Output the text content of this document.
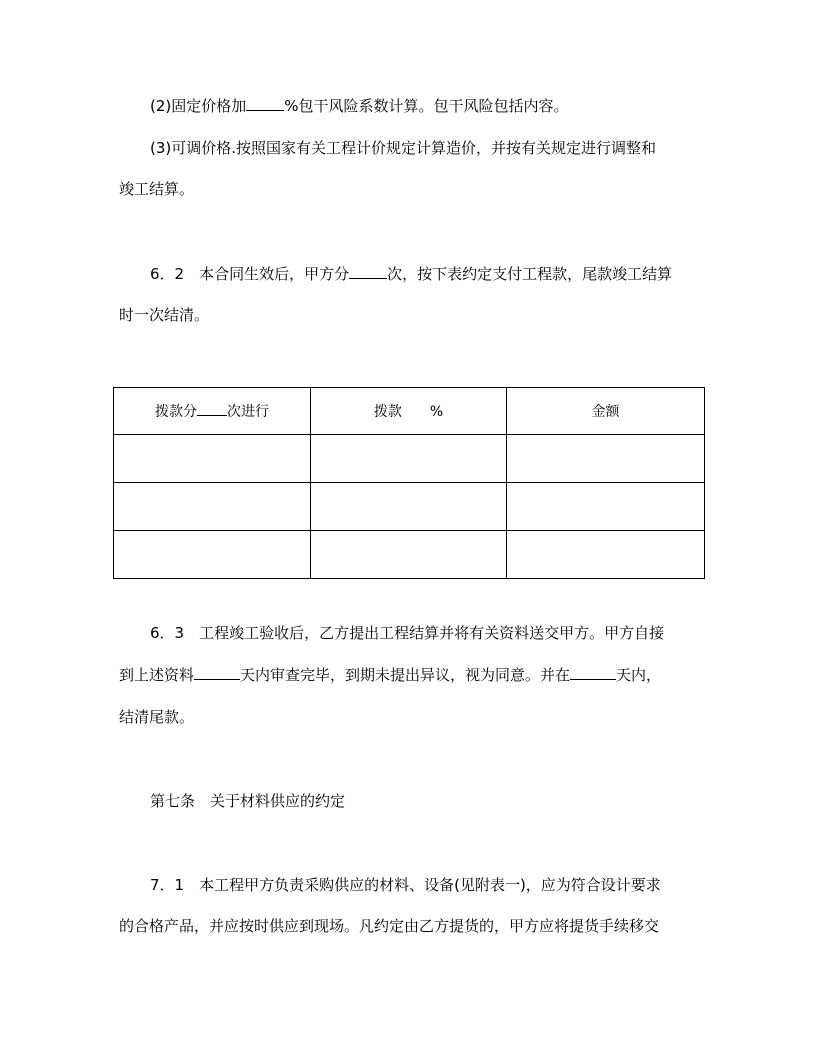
(2)固定价格加	%包干风险系数计算。包干风险包括内容。
(3)可调价格.按照国家有关工程计价规定计算造价，并按有关规定进行调整和
竣工结算。
6．2　本合同生效后，甲方分	次，按下表约定支付工程款，尾款竣工结算
时一次结清。
拨款分 次进行	拨款　　%	金额

6．3　工程竣工验收后，乙方提出工程结算并将有关资料送交甲方。甲方自接
到上述资料	天内审查完毕，到期未提出异议，视为同意。并在	天内，
结清尾款。
第七条　关于材料供应的约定
7．1　本工程甲方负责采购供应的材料、设备(见附表一)，应为符合设计要求
的合格产品，并应按时供应到现场。凡约定由乙方提货的，甲方应将提货手续移交
